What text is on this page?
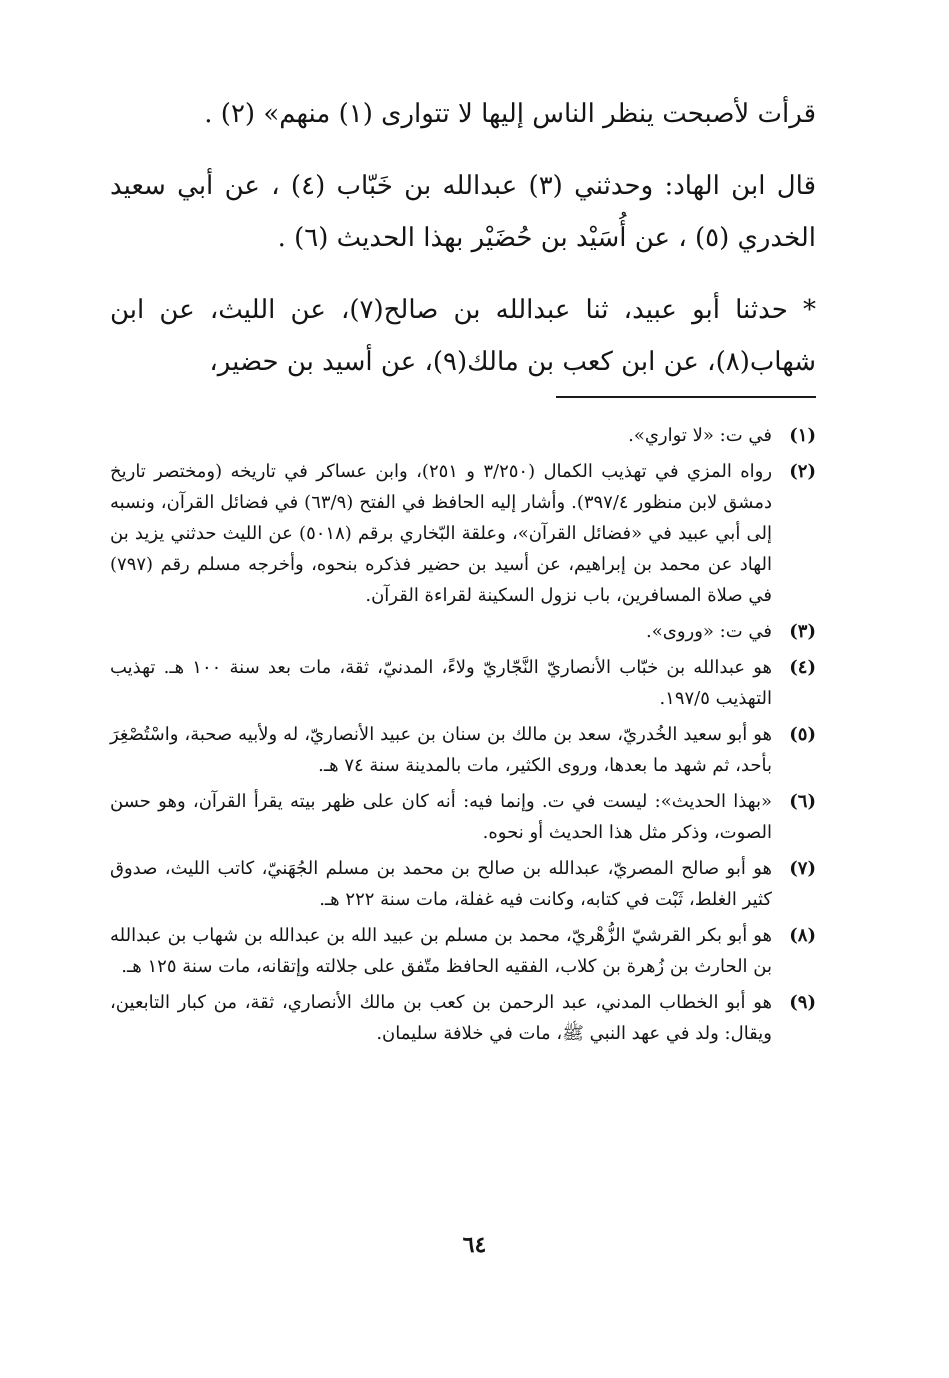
قرأت لأصبحت ينظر الناس إليها لا تتوارى (١) منهم» (٢) .

قال ابن الهاد: وحدثني (٣) عبدالله بن خَبّاب (٤) ، عن أبي سعيد
الخدري (٥) ، عن أُسَيْد بن حُضَيْر بهذا الحديث (٦) .

* حدثنا أبو عبيد، ثنا عبدالله بن صالح(٧)، عن الليث، عن ابن
شهاب(٨)، عن ابن كعب بن مالك(٩)، عن أسيد بن حضير،

(١)
في ت: «لا تواري».
(٢)
رواه المزي في تهذيب الكمال (٣/٢٥٠ و ٢٥١)، وابن عساكر في تاريخه (ومختصر تاريخ دمشق لابن منظور ٣٩٧/٤). وأشار إليه الحافظ في الفتح (٦٣/٩) في فضائل القرآن، ونسبه إلى أبي عبيد في «فضائل القرآن»، وعلقة البّخاري برقم (٥٠١٨) عن الليث حدثني يزيد بن الهاد عن محمد بن إبراهيم، عن أسيد بن حضير فذكره بنحوه، وأخرجه مسلم رقم (٧٩٧) في صلاة المسافرين، باب نزول السكينة لقراءة القرآن.
(٣)
في ت: «وروى».
(٤)
هو عبدالله بن خبّاب الأنصاريّ النَّجّاريّ ولاءً، المدنيّ، ثقة، مات بعد سنة ١٠٠ هـ. تهذيب التهذيب ١٩٧/٥.
(٥)
هو أبو سعيد الخُدريّ، سعد بن مالك بن سنان بن عبيد الأنصاريّ، له ولأبيه صحبة، واسْتُصْغِرَ بأحد، ثم شهد ما بعدها، وروى الكثير، مات بالمدينة سنة ٧٤ هـ.
(٦)
«بهذا الحديث»: ليست في ت. وإنما فيه: أنه كان على ظهر بيته يقرأ القرآن، وهو حسن الصوت، وذكر مثل هذا الحديث أو نحوه.
(٧)
هو أبو صالح المصريّ، عبدالله بن صالح بن محمد بن مسلم الجُهَنيّ، كاتب الليث، صدوق كثير الغلط، ثَبْت في كتابه، وكانت فيه غفلة، مات سنة ٢٢٢ هـ.
(٨)
هو أبو بكر القرشيّ الزُّهْريّ، محمد بن مسلم بن عبيد الله بن عبدالله بن شهاب بن عبدالله بن الحارث بن زُهرة بن كلاب، الفقيه الحافظ متّفق على جلالته وإتقانه، مات سنة ١٢٥ هـ.
(٩)
هو أبو الخطاب المدني، عبد الرحمن بن كعب بن مالك الأنصاري، ثقة، من كبار التابعين، ويقال: ولد في عهد النبي ﷺ، مات في خلافة سليمان.
٦٤
